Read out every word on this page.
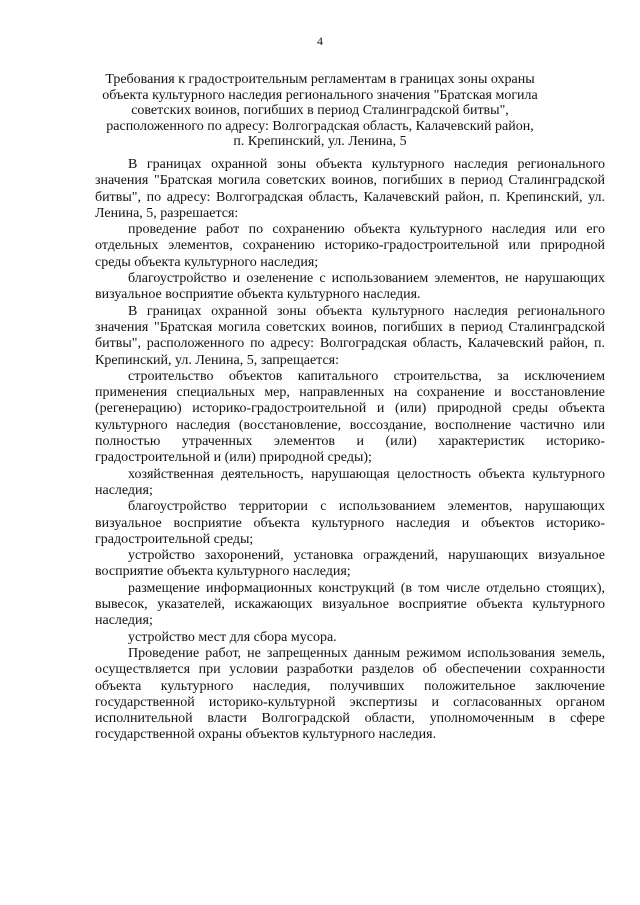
4
Требования к градостроительным регламентам в границах зоны охраны
объекта культурного наследия регионального значения "Братская могила
советских воинов, погибших в период Сталинградской битвы",
расположенного по адресу: Волгоградская область, Калачевский район,
п. Крепинский, ул. Ленина, 5

В границах охранной зоны объекта культурного наследия регионального значения "Братская могила советских воинов, погибших в период Сталинградской битвы", по адресу: Волгоградская область, Калачевский район, п. Крепинский, ул. Ленина, 5, разрешается:

проведение работ по сохранению объекта культурного наследия или его отдельных элементов, сохранению историко-градостроительной или природной среды объекта культурного наследия;

благоустройство и озеленение с использованием элементов, не нарушающих визуальное восприятие объекта культурного наследия.

В границах охранной зоны объекта культурного наследия регионального значения "Братская могила советских воинов, погибших в период Сталинградской битвы", расположенного по адресу: Волгоградская область, Калачевский район, п. Крепинский, ул. Ленина, 5, запрещается:

строительство объектов капитального строительства, за исключением применения специальных мер, направленных на сохранение и восстановление (регенерацию) историко-градостроительной и (или) природной среды объекта культурного наследия (восстановление, воссоздание, восполнение частично или полностью утраченных элементов и (или) характеристик историко-градостроительной и (или) природной среды);

хозяйственная деятельность, нарушающая целостность объекта культурного наследия;

благоустройство территории с использованием элементов, нарушающих визуальное восприятие объекта культурного наследия и объектов историко-градостроительной среды;

устройство захоронений, установка ограждений, нарушающих визуальное восприятие объекта культурного наследия;

размещение информационных конструкций (в том числе отдельно стоящих), вывесок, указателей, искажающих визуальное восприятие объекта культурного наследия;

устройство мест для сбора мусора.

Проведение работ, не запрещенных данным режимом использования земель, осуществляется при условии разработки разделов об обеспечении сохранности объекта культурного наследия, получивших положительное заключение государственной историко-культурной экспертизы и согласованных органом исполнительной власти Волгоградской области, уполномоченным в сфере государственной охраны объектов культурного наследия.
